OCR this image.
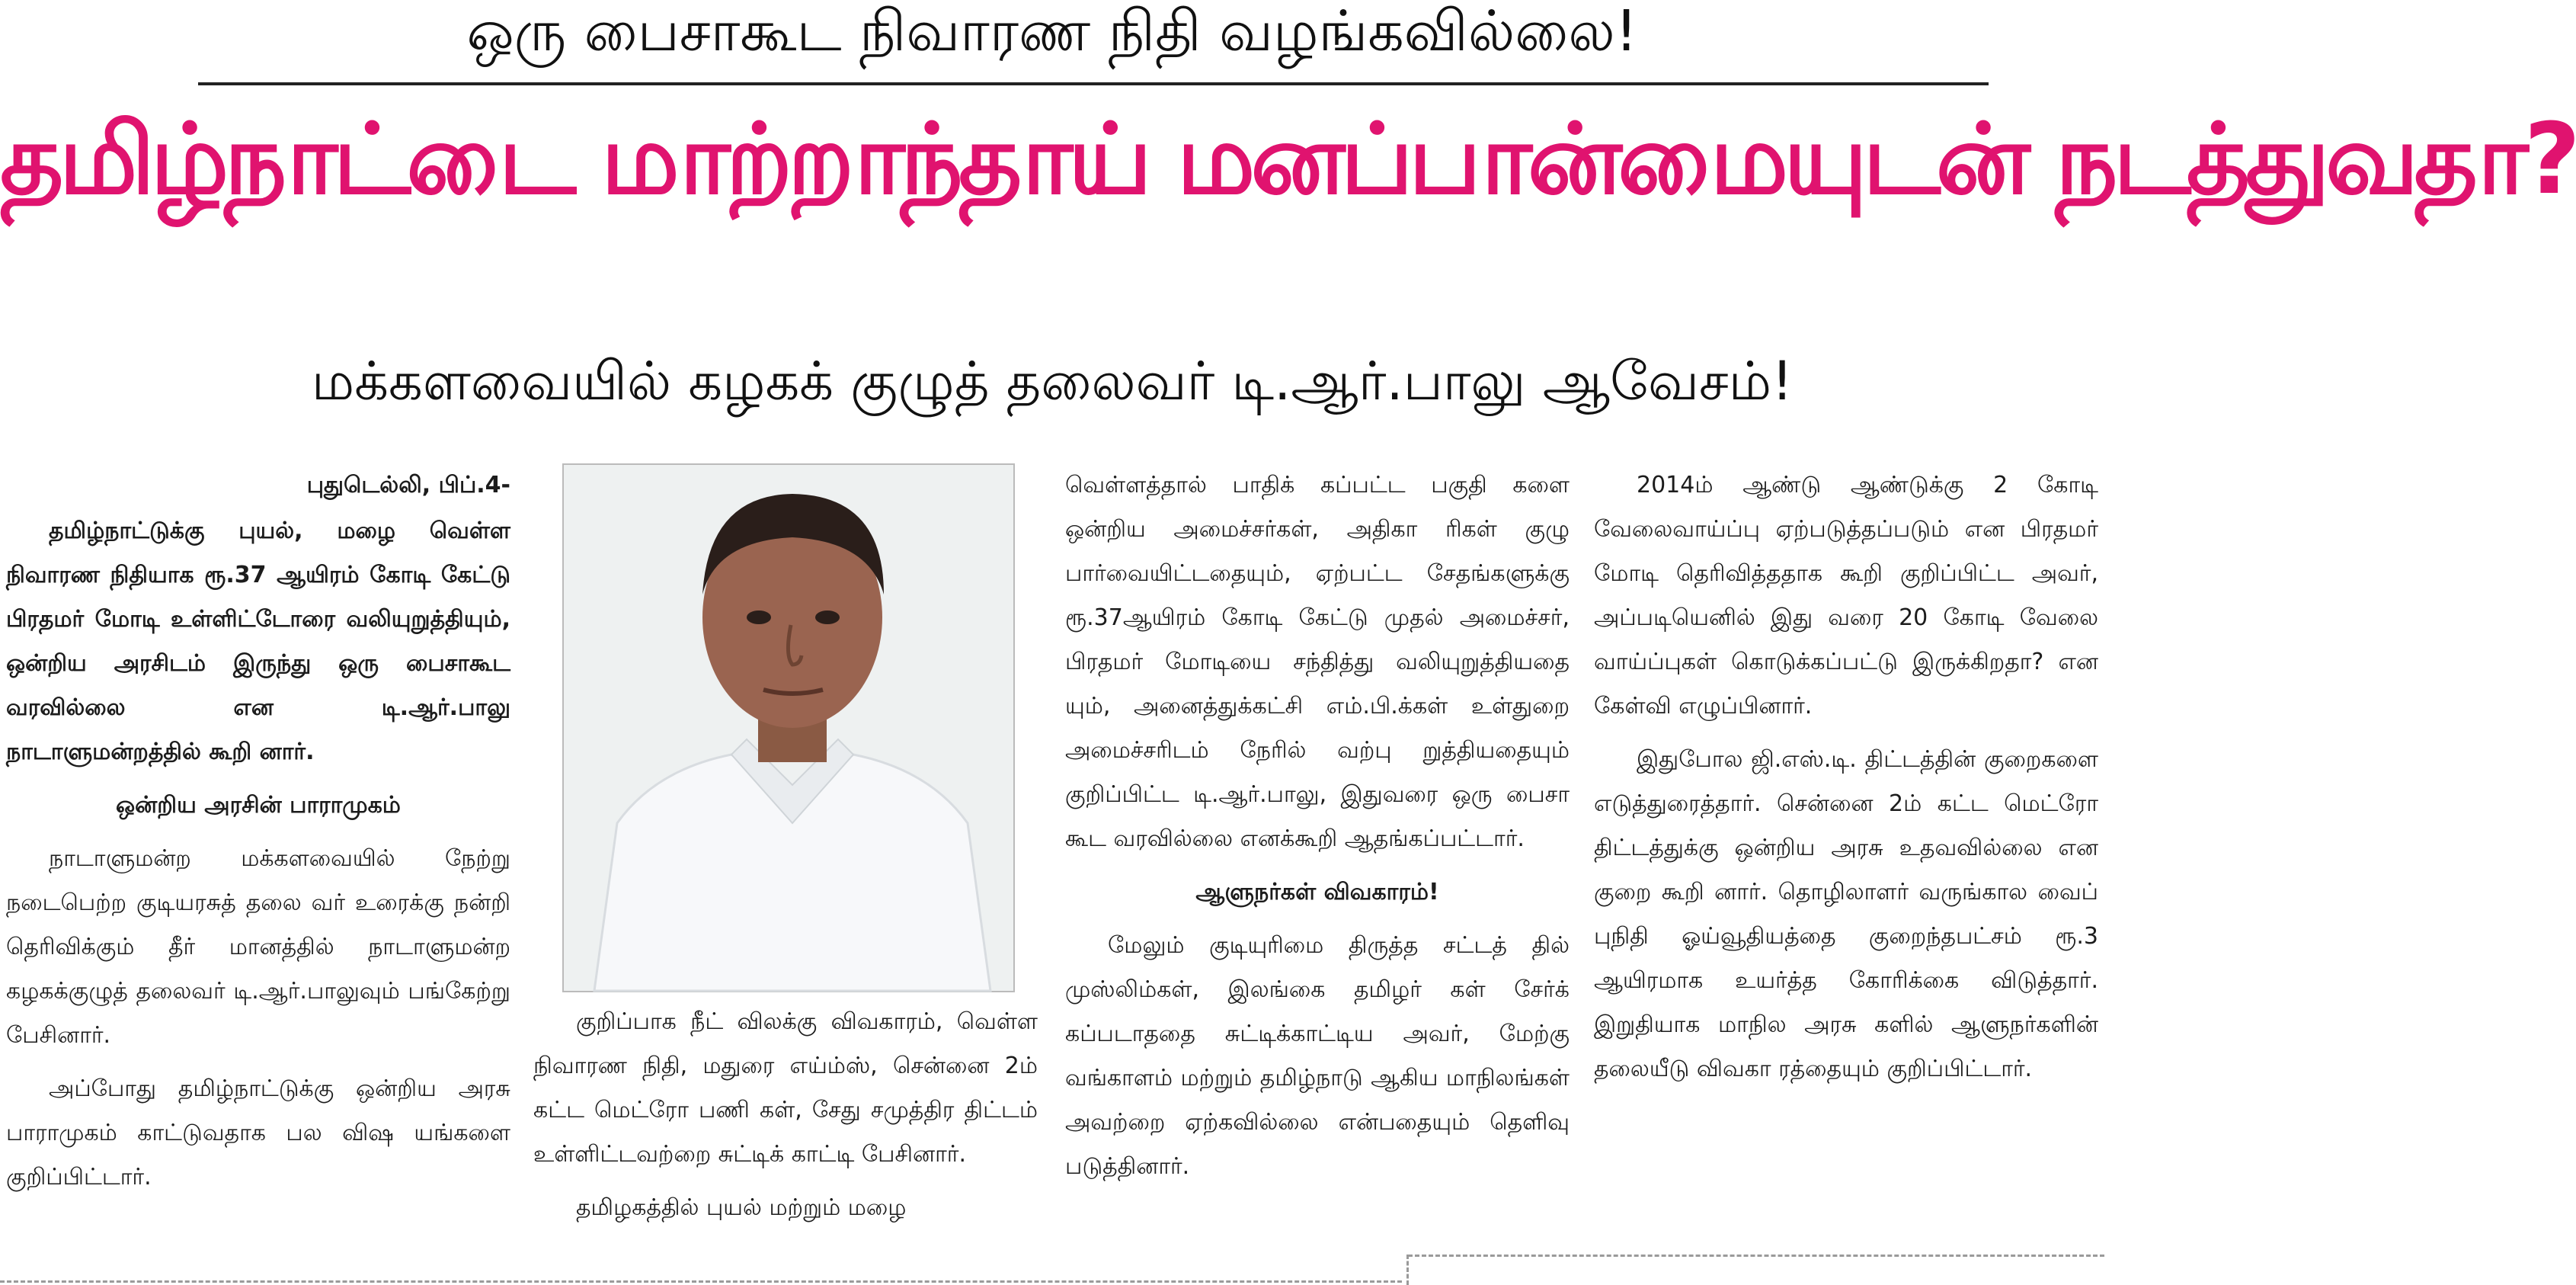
ஒரு பைசாகூட நிவாரண நிதி வழங்கவில்லை!
தமிழ்நாட்டை மாற்றாந்தாய் மனப்பான்மையுடன் நடத்துவதா?
மக்களவையில் கழகக் குழுத் தலைவர் டி.ஆர்.பாலு ஆவேசம்!

புதுடெல்லி, பிப்.4-

தமிழ்நாட்டுக்கு புயல், மழை வெள்ள நிவாரண நிதியாக ரூ.37 ஆயிரம் கோடி கேட்டு பிரதமர் மோடி உள்ளிட்டோரை வலியுறுத்தியும், ஒன்றிய அரசிடம் இருந்து ஒரு பைசாகூட வரவில்லை என டி.ஆர்.பாலு நாடாளுமன்றத்தில் கூறி னார்.

ஒன்றிய அரசின் பாராமுகம்

நாடாளுமன்ற மக்களவையில் நேற்று நடைபெற்ற குடியரசுத் தலை வர் உரைக்கு நன்றி தெரிவிக்கும் தீர் மானத்தில் நாடாளுமன்ற கழகக்குழுத் தலைவர் டி.ஆர்.பாலுவும் பங்கேற்று பேசினார்.

அப்போது தமிழ்நாட்டுக்கு ஒன்றிய அரசு பாராமுகம் காட்டுவதாக பல விஷ யங்களை குறிப்பிட்டார்.

குறிப்பாக நீட் விலக்கு விவகாரம், வெள்ள நிவாரண நிதி, மதுரை எய்ம்ஸ், சென்னை 2ம் கட்ட மெட்ரோ பணி கள், சேது சமுத்திர திட்டம் உள்ளிட்டவற்றை சுட்டிக் காட்டி பேசினார்.

தமிழகத்தில் புயல் மற்றும் மழை

வெள்ளத்தால் பாதிக் கப்பட்ட பகுதி களை ஒன்றிய அமைச்சர்கள், அதிகா ரிகள் குழு பார்வையிட்டதையும், ஏற்பட்ட சேதங்களுக்கு ரூ.37ஆயிரம் கோடி கேட்டு முதல் அமைச்சர், பிரதமர் மோடியை சந்தித்து வலியுறுத்தியதை யும், அனைத்துக்கட்சி எம்.பி.க்கள் உள்துறை அமைச்சரிடம் நேரில் வற்பு றுத்தியதையும் குறிப்பிட்ட டி.ஆர்.பாலு, இதுவரை ஒரு பைசா கூட வரவில்லை எனக்கூறி ஆதங்கப்பட்டார்.

ஆளுநர்கள் விவகாரம்!

மேலும் குடியுரிமை திருத்த சட்டத் தில் முஸ்லிம்கள், இலங்கை தமிழர் கள் சேர்க் கப்படாததை சுட்டிக்காட்டிய அவர், மேற்கு வங்காளம் மற்றும் தமிழ்நாடு ஆகிய மாநிலங்கள் அவற்றை ஏற்கவில்லை என்பதையும் தெளிவு படுத்தினார்.

2014ம் ஆண்டு ஆண்டுக்கு 2 கோடி வேலைவாய்ப்பு ஏற்படுத்தப்படும் என பிரதமர் மோடி தெரிவித்ததாக கூறி குறிப்பிட்ட அவர், அப்படியெனில் இது வரை 20 கோடி வேலை வாய்ப்புகள் கொடுக்கப்பட்டு இருக்கிறதா? என கேள்வி எழுப்பினார்.

இதுபோல ஜி.எஸ்.டி. திட்டத்தின் குறைகளை எடுத்துரைத்தார். சென்னை 2ம் கட்ட மெட்ரோ திட்டத்துக்கு ஒன்றிய அரசு உதவவில்லை என குறை கூறி னார். தொழிலாளர் வருங்கால வைப் புநிதி ஓய்வூதியத்தை குறைந்தபட்சம் ரூ.3 ஆயிரமாக உயர்த்த கோரிக்கை விடுத்தார். இறுதியாக மாநில அரசு களில் ஆளுநர்களின் தலையீடு விவகா ரத்தையும் குறிப்பிட்டார்.
